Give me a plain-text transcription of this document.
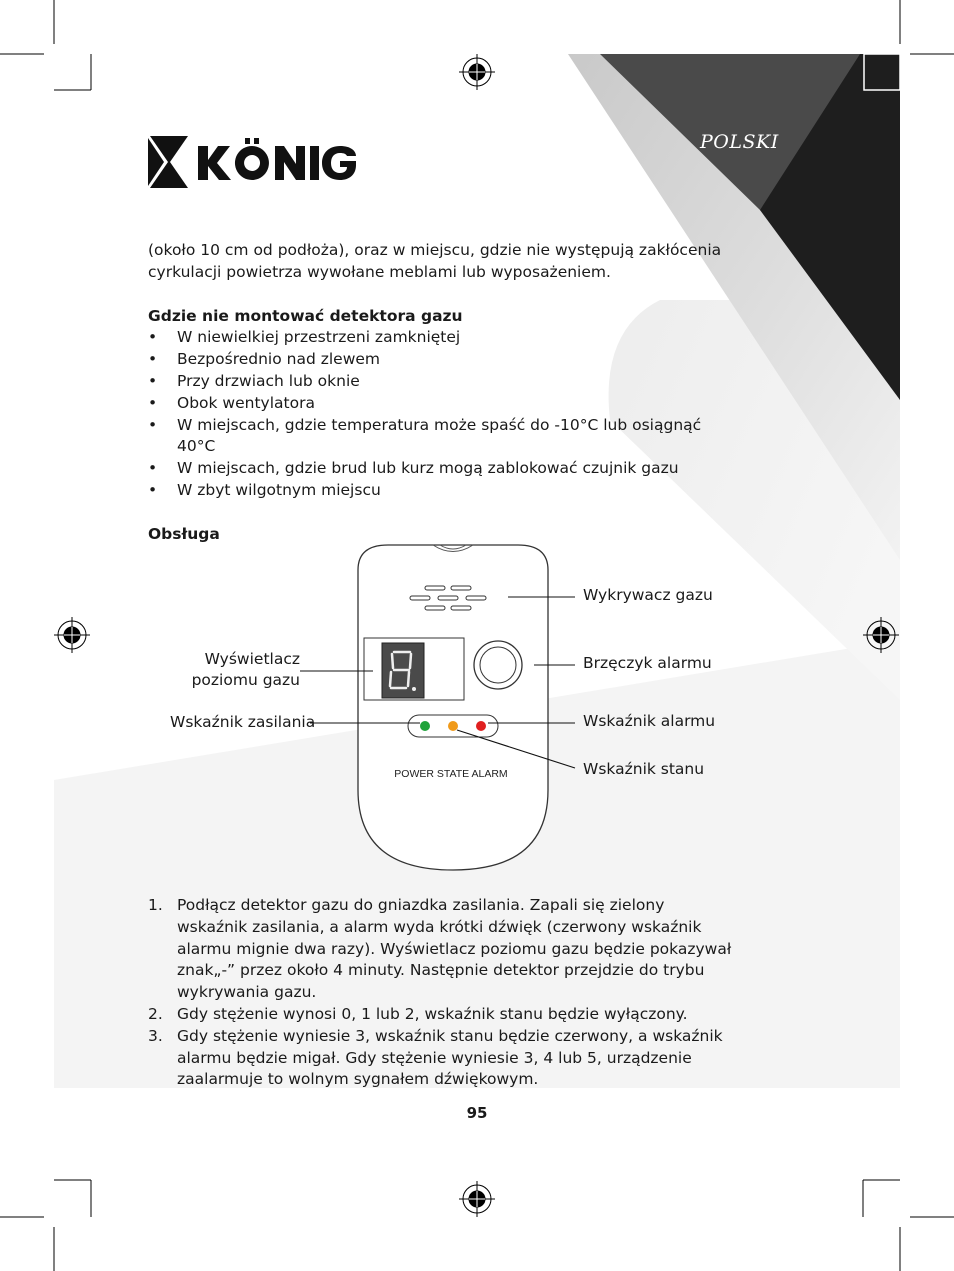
POLSKI

(około 10 cm od podłoża), oraz w miejscu, gdzie nie występują zakłócenia cyrkulacji powietrza wywołane meblami lub wyposażeniem.

Gdzie nie montować detektora gazu
• W niewielkiej przestrzeni zamkniętej
• Bezpośrednio nad zlewem
• Przy drzwiach lub oknie
• Obok wentylatora
• W miejscach, gdzie temperatura może spaść do -10°C lub osiągnąć 40°C
• W miejscach, gdzie brud lub kurz mogą zablokować czujnik gazu
• W zbyt wilgotnym miejscu
Obsługa
POWER STATE ALARM
Wykrywacz gazu
Brzęczyk alarmu
Wyświetlacz
poziomu gazu
Wskaźnik zasilania	Wskaźnik alarmu
Wskaźnik stanu
1. Podłącz detektor gazu do gniazdka zasilania. Zapali się zielony wskaźnik zasilania, a alarm wyda krótki dźwięk (czerwony wskaźnik alarmu mignie dwa razy). Wyświetlacz poziomu gazu będzie pokazywał znak„-” przez około 4 minuty. Następnie detektor przejdzie do trybu wykrywania gazu.
2. Gdy stężenie wynosi 0, 1 lub 2, wskaźnik stanu będzie wyłączony.
3. Gdy stężenie wyniesie 3, wskaźnik stanu będzie czerwony, a wskaźnik alarmu będzie migał. Gdy stężenie wyniesie 3, 4 lub 5, urządzenie zaalarmuje to wolnym sygnałem dźwiękowym.
95
